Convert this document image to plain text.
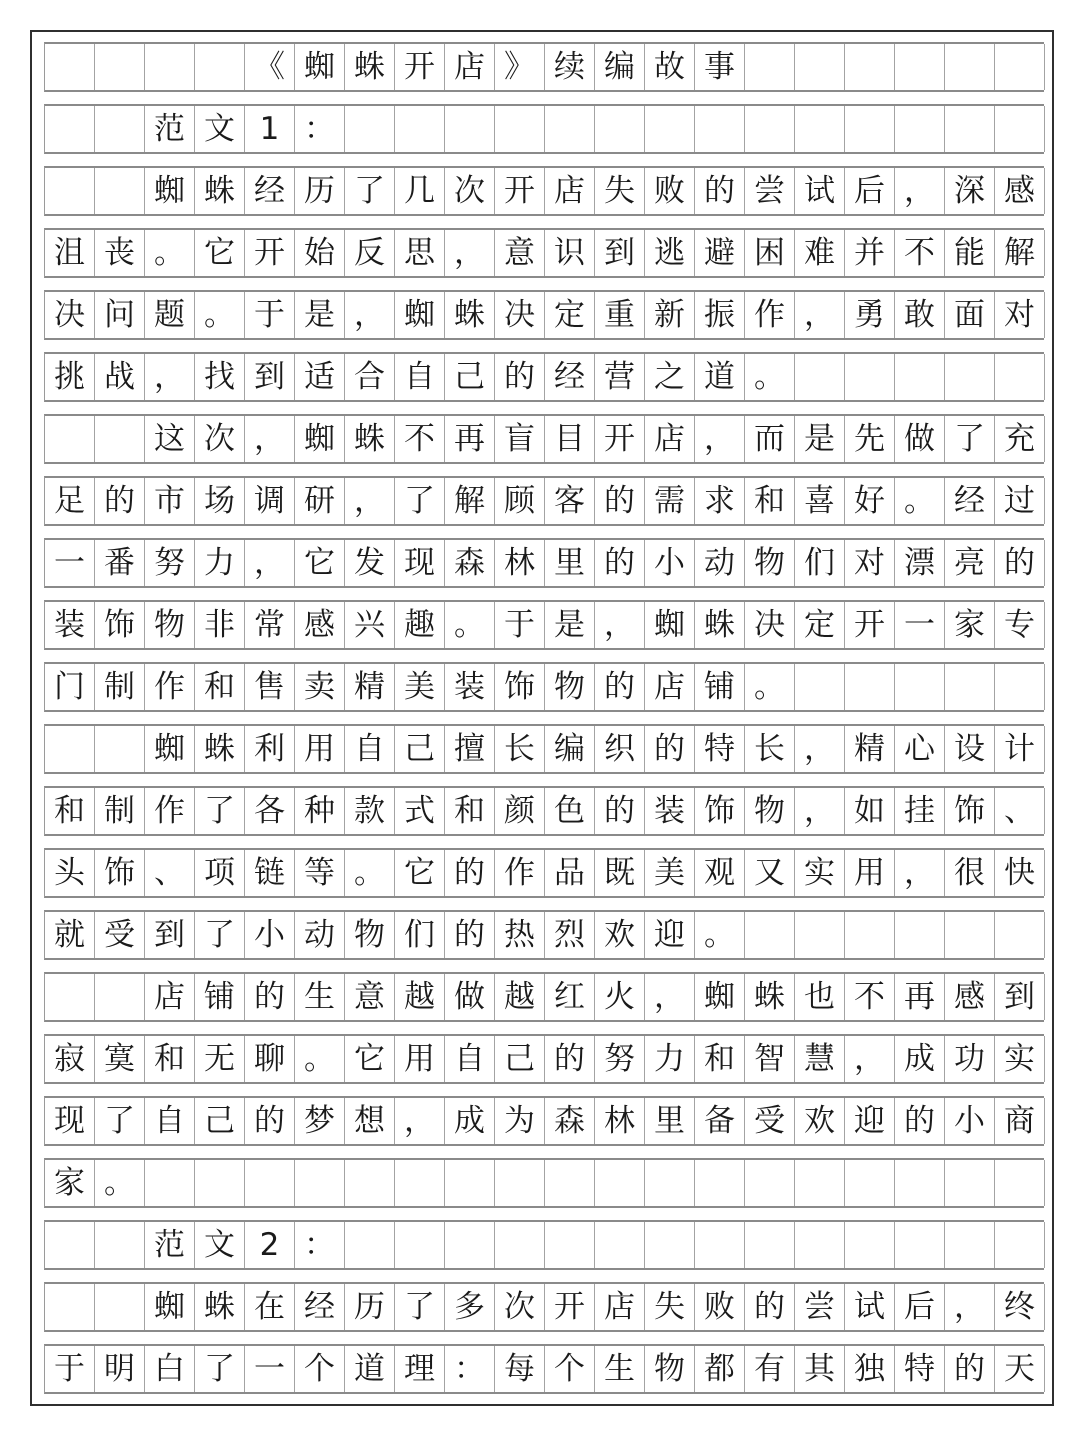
《 蜘 蛛 开 店 》 续 编 故 事
范 文 1 ：
蜘 蛛 经 历 了 几 次 开 店 失 败 的 尝 试 后 ， 深 感
沮 丧 。 它 开 始 反 思 ， 意 识 到 逃 避 困 难 并 不 能 解
决 问 题 。 于 是 ， 蜘 蛛 决 定 重 新 振 作 ， 勇 敢 面 对
挑 战 ， 找 到 适 合 自 己 的 经 营 之 道 。
这 次 ， 蜘 蛛 不 再 盲 目 开 店 ， 而 是 先 做 了 充
足 的 市 场 调 研 ， 了 解 顾 客 的 需 求 和 喜 好 。 经 过
一 番 努 力 ， 它 发 现 森 林 里 的 小 动 物 们 对 漂 亮 的
装 饰 物 非 常 感 兴 趣 。 于 是 ， 蜘 蛛 决 定 开 一 家 专
门 制 作 和 售 卖 精 美 装 饰 物 的 店 铺 。
蜘 蛛 利 用 自 己 擅 长 编 织 的 特 长 ， 精 心 设 计
和 制 作 了 各 种 款 式 和 颜 色 的 装 饰 物 ， 如 挂 饰 、
头 饰 、 项 链 等 。 它 的 作 品 既 美 观 又 实 用 ， 很 快
就 受 到 了 小 动 物 们 的 热 烈 欢 迎 。
店 铺 的 生 意 越 做 越 红 火 ， 蜘 蛛 也 不 再 感 到
寂 寞 和 无 聊 。 它 用 自 己 的 努 力 和 智 慧 ， 成 功 实
现 了 自 己 的 梦 想 ， 成 为 森 林 里 备 受 欢 迎 的 小 商
家 。
范 文 2 ：
蜘 蛛 在 经 历 了 多 次 开 店 失 败 的 尝 试 后 ， 终
于 明 白 了 一 个 道 理 ： 每 个 生 物 都 有 其 独 特 的 天
